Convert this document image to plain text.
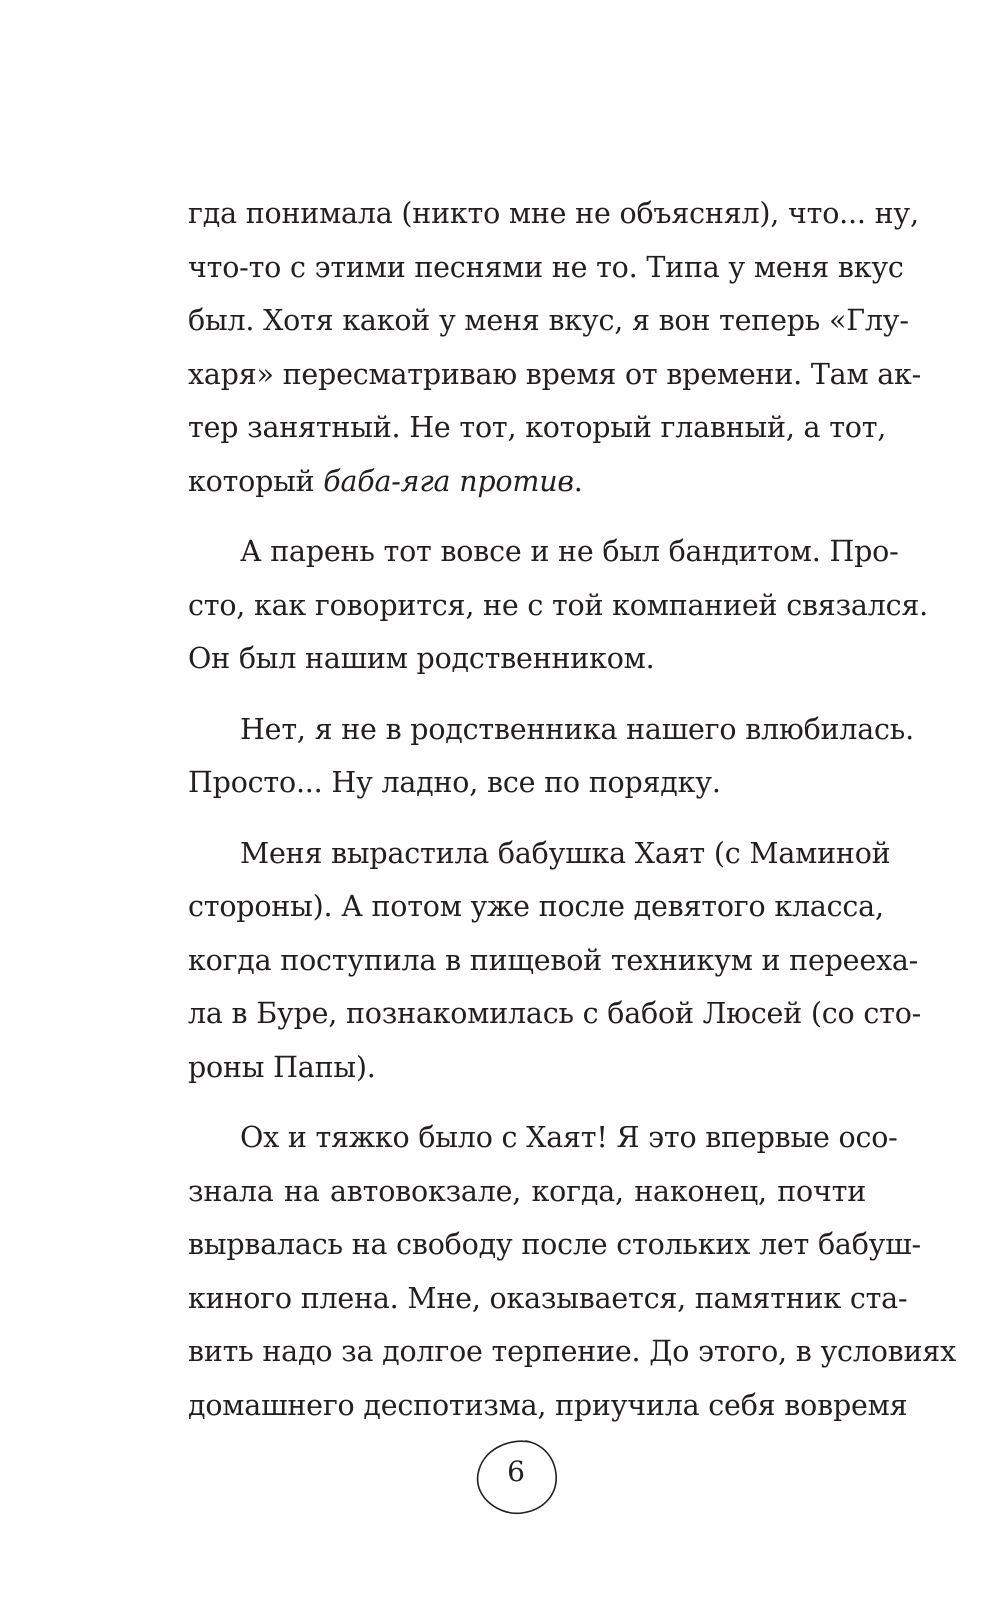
гда понимала (никто мне не объяснял), что... ну,
что-то с этими песнями не то. Типа у меня вкус
был. Хотя какой у меня вкус, я вон теперь «Глу-
харя» пересматриваю время от времени. Там ак-
тер занятный. Не тот, который главный, а тот,
который баба-яга против.
А парень тот вовсе и не был бандитом. Про-
сто, как говорится, не с той компанией связался.
Он был нашим родственником.
Нет, я не в родственника нашего влюбилась.
Просто... Ну ладно, все по порядку.
Меня вырастила бабушка Хаят (с Маминой
стороны). А потом уже после девятого класса,
когда поступила в пищевой техникум и переeха-
ла в Буре, познакомилась с бабой Люсей (со сто-
роны Папы).
Ох и тяжко было с Хаят! Я это впервые осо-
знала на автовокзале, когда, наконец, почти
вырвалась на свободу после стольких лет бабуш-
киного плена. Мне, оказывается, памятник ста-
вить надо за долгое терпение. До этого, в условиях
домашнего деспотизма, приучила себя вовремя
6
